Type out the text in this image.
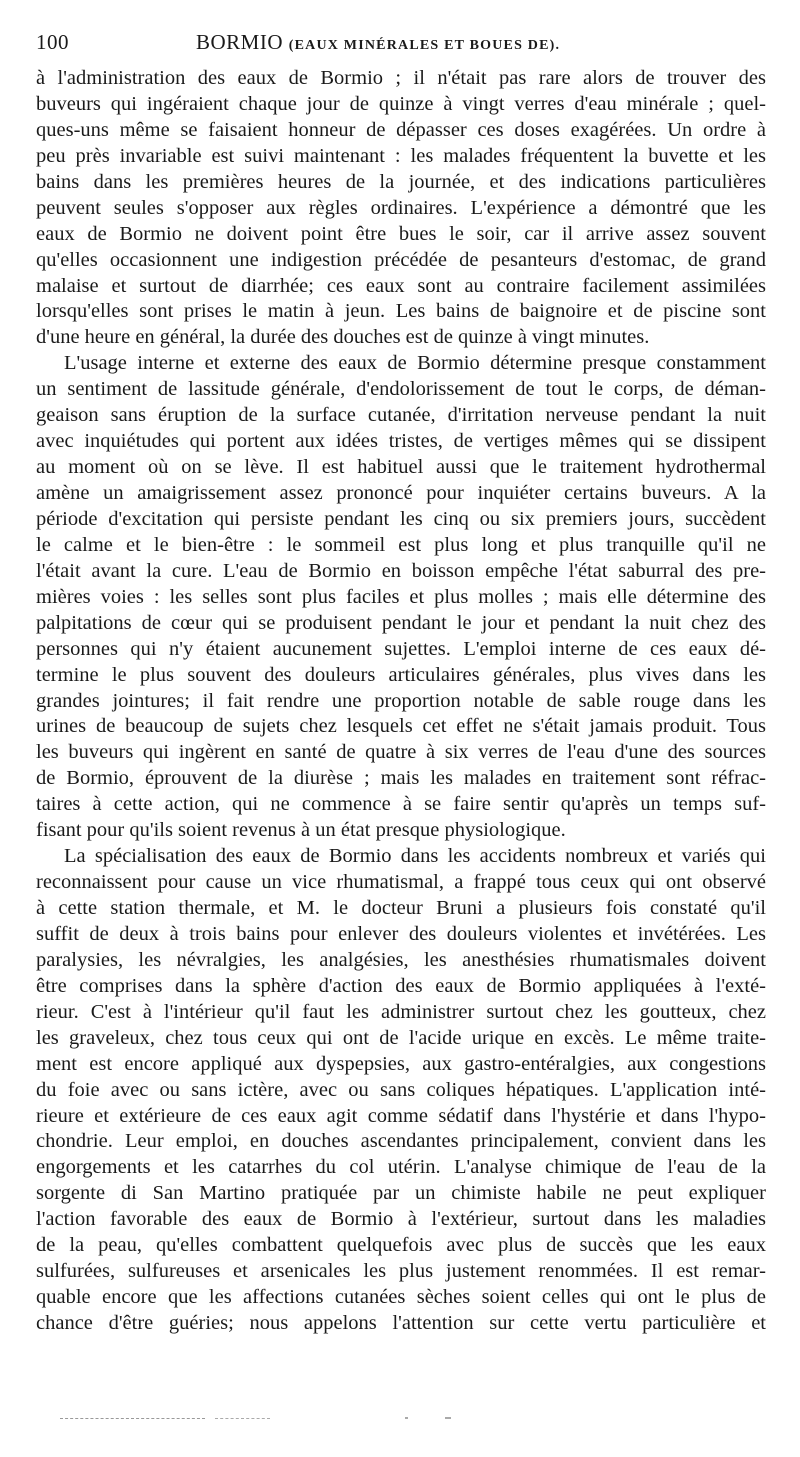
100	BORMIO (EAUX MINÉRALES ET BOUES DE).
à l'administration des eaux de Bormio ; il n'était pas rare alors de trouver des
buveurs qui ingéraient chaque jour de quinze à vingt verres d'eau minérale ; quel-
ques-uns même se faisaient honneur de dépasser ces doses exagérées. Un ordre à
peu près invariable est suivi maintenant : les malades fréquentent la buvette et les
bains dans les premières heures de la journée, et des indications particulières
peuvent seules s'opposer aux règles ordinaires. L'expérience a démontré que les
eaux de Bormio ne doivent point être bues le soir, car il arrive assez souvent
qu'elles occasionnent une indigestion précédée de pesanteurs d'estomac, de grand
malaise et surtout de diarrhée; ces eaux sont au contraire facilement assimilées
lorsqu'elles sont prises le matin à jeun. Les bains de baignoire et de piscine sont
d'une heure en général, la durée des douches est de quinze à vingt minutes.
L'usage interne et externe des eaux de Bormio détermine presque constamment
un sentiment de lassitude générale, d'endolorissement de tout le corps, de déman-
geaison sans éruption de la surface cutanée, d'irritation nerveuse pendant la nuit
avec inquiétudes qui portent aux idées tristes, de vertiges mêmes qui se dissipent
au moment où on se lève. Il est habituel aussi que le traitement hydrothermal
amène un amaigrissement assez prononcé pour inquiéter certains buveurs. A la
période d'excitation qui persiste pendant les cinq ou six premiers jours, succèdent
le calme et le bien-être : le sommeil est plus long et plus tranquille qu'il ne
l'était avant la cure. L'eau de Bormio en boisson empêche l'état saburral des pre-
mières voies : les selles sont plus faciles et plus molles ; mais elle détermine des
palpitations de cœur qui se produisent pendant le jour et pendant la nuit chez des
personnes qui n'y étaient aucunement sujettes. L'emploi interne de ces eaux dé-
termine le plus souvent des douleurs articulaires générales, plus vives dans les
grandes jointures; il fait rendre une proportion notable de sable rouge dans les
urines de beaucoup de sujets chez lesquels cet effet ne s'était jamais produit. Tous
les buveurs qui ingèrent en santé de quatre à six verres de l'eau d'une des sources
de Bormio, éprouvent de la diurèse ; mais les malades en traitement sont réfrac-
taires à cette action, qui ne commence à se faire sentir qu'après un temps suf-
fisant pour qu'ils soient revenus à un état presque physiologique.
La spécialisation des eaux de Bormio dans les accidents nombreux et variés qui
reconnaissent pour cause un vice rhumatismal, a frappé tous ceux qui ont observé
à cette station thermale, et M. le docteur Bruni a plusieurs fois constaté qu'il
suffit de deux à trois bains pour enlever des douleurs violentes et invétérées. Les
paralysies, les névralgies, les analgésies, les anesthésies rhumatismales doivent
être comprises dans la sphère d'action des eaux de Bormio appliquées à l'exté-
rieur. C'est à l'intérieur qu'il faut les administrer surtout chez les goutteux, chez
les graveleux, chez tous ceux qui ont de l'acide urique en excès. Le même traite-
ment est encore appliqué aux dyspepsies, aux gastro-entéralgies, aux congestions
du foie avec ou sans ictère, avec ou sans coliques hépatiques. L'application inté-
rieure et extérieure de ces eaux agit comme sédatif dans l'hystérie et dans l'hypo-
chondrie. Leur emploi, en douches ascendantes principalement, convient dans les
engorgements et les catarrhes du col utérin. L'analyse chimique de l'eau de la
sorgente di San Martino pratiquée par un chimiste habile ne peut expliquer
l'action favorable des eaux de Bormio à l'extérieur, surtout dans les maladies
de la peau, qu'elles combattent quelquefois avec plus de succès que les eaux
sulfurées, sulfureuses et arsenicales les plus justement renommées. Il est remar-
quable encore que les affections cutanées sèches soient celles qui ont le plus de
chance d'être guéries; nous appelons l'attention sur cette vertu particulière et
